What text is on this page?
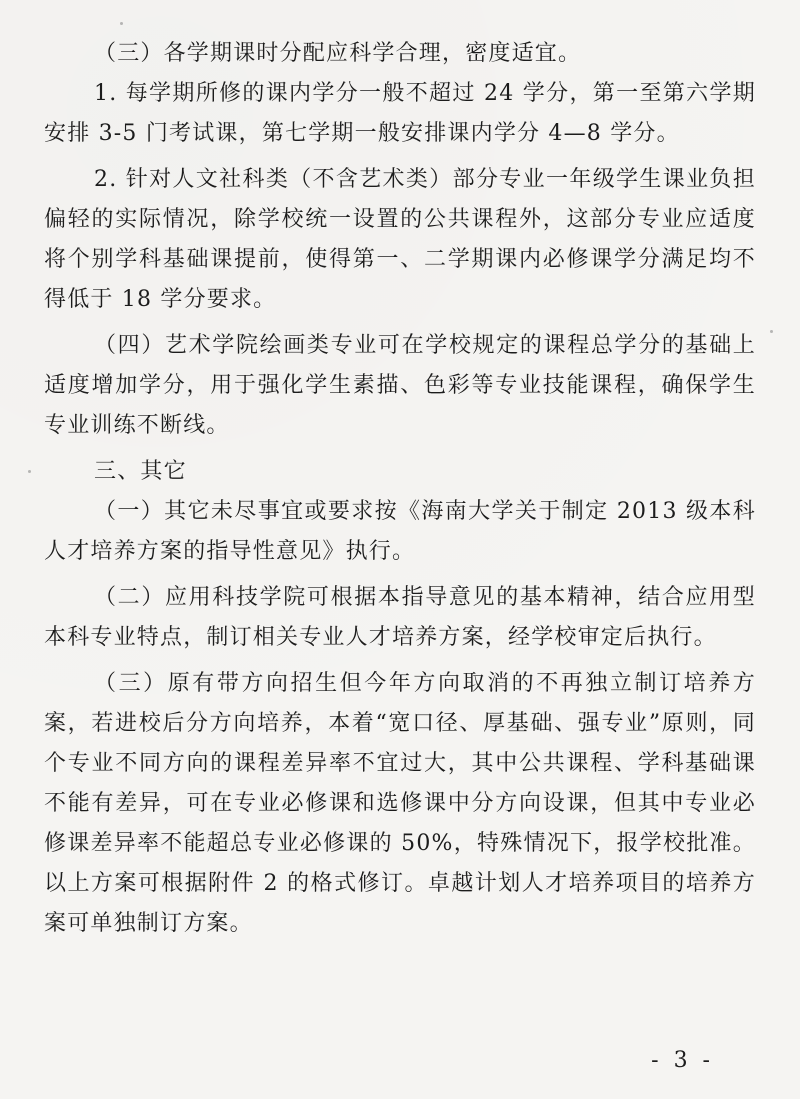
（三）各学期课时分配应科学合理，密度适宜。

1. 每学期所修的课内学分一般不超过 24 学分，第一至第六学期安排 3-5 门考试课，第七学期一般安排课内学分 4—8 学分。

2. 针对人文社科类（不含艺术类）部分专业一年级学生课业负担偏轻的实际情况，除学校统一设置的公共课程外，这部分专业应适度将个别学科基础课提前，使得第一、二学期课内必修课学分满足均不得低于 18 学分要求。

（四）艺术学院绘画类专业可在学校规定的课程总学分的基础上适度增加学分，用于强化学生素描、色彩等专业技能课程，确保学生专业训练不断线。

三、其它

（一）其它未尽事宜或要求按《海南大学关于制定 2013 级本科人才培养方案的指导性意见》执行。

（二）应用科技学院可根据本指导意见的基本精神，结合应用型本科专业特点，制订相关专业人才培养方案，经学校审定后执行。

（三）原有带方向招生但今年方向取消的不再独立制订培养方案，若进校后分方向培养，本着“宽口径、厚基础、强专业”原则，同个专业不同方向的课程差异率不宜过大，其中公共课程、学科基础课不能有差异，可在专业必修课和选修课中分方向设课，但其中专业必修课差异率不能超总专业必修课的 50%，特殊情况下，报学校批准。以上方案可根据附件 2 的格式修订。卓越计划人才培养项目的培养方案可单独制订方案。

- 3 -
